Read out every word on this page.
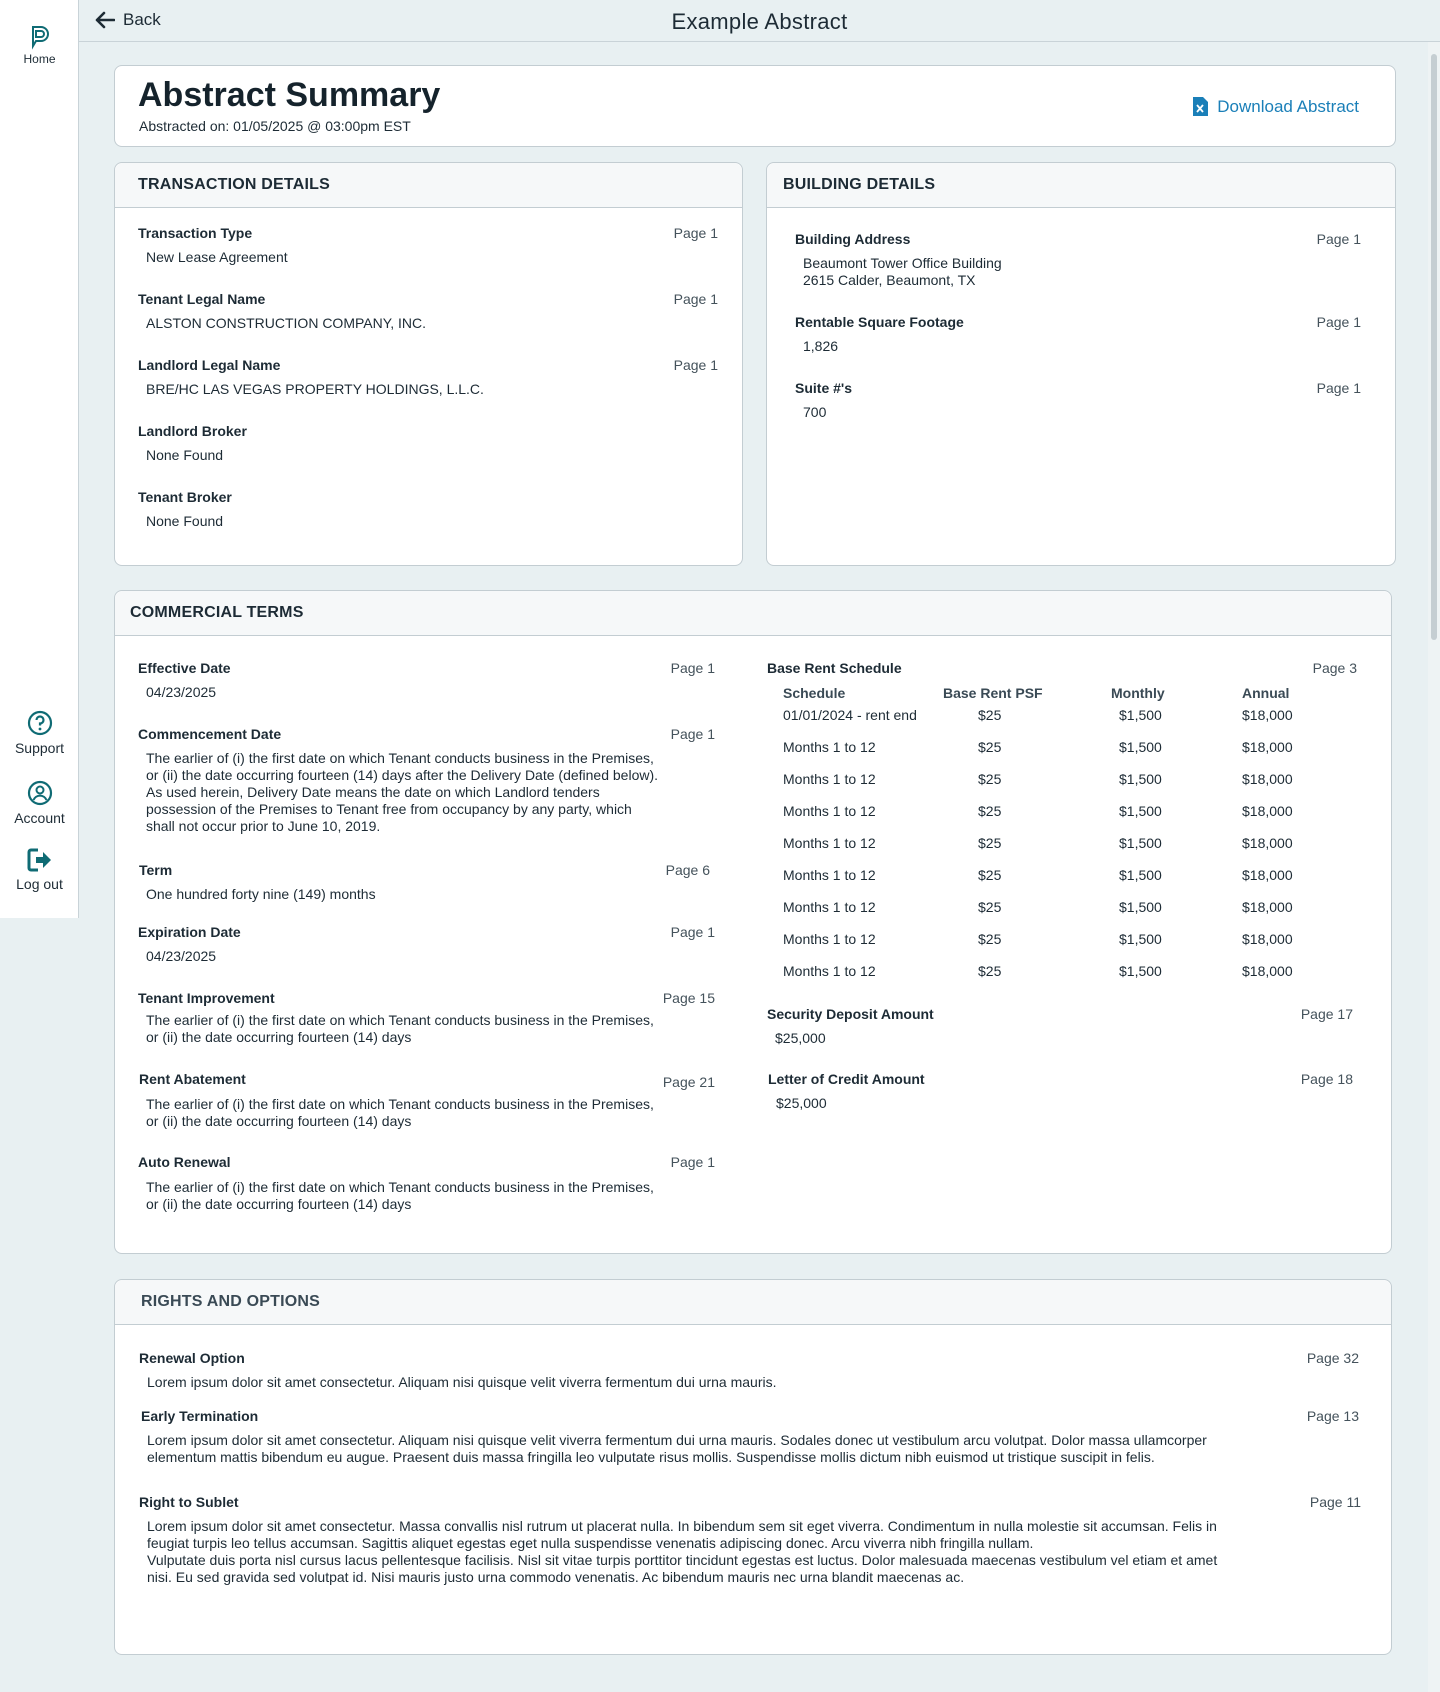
Home
Support
Account
Log out
Back	Example Abstract
Abstract Summary
Abstracted on: 01/05/2025 @ 03:00pm EST
Download Abstract
TRANSACTION DETAILS
Transaction Type	Page 1
New Lease Agreement
Tenant Legal Name	Page 1
ALSTON CONSTRUCTION COMPANY, INC.
Landlord Legal Name	Page 1
BRE/HC LAS VEGAS PROPERTY HOLDINGS, L.L.C.
Landlord Broker
None Found
Tenant Broker
None Found
BUILDING DETAILS
Building Address	Page 1
Beaumont Tower Office Building
2615 Calder, Beaumont, TX
Rentable Square Footage	Page 1
1,826
Suite #'s	Page 1
700
COMMERCIAL TERMS
Effective Date	Page 1
04/23/2025
Commencement Date	Page 1
The earlier of (i) the first date on which Tenant conducts business in the Premises,
or (ii) the date occurring fourteen (14) days after the Delivery Date (defined below).
As used herein, Delivery Date means the date on which Landlord tenders
possession of the Premises to Tenant free from occupancy by any party, which
shall not occur prior to June 10, 2019.
Term	Page 6
One hundred forty nine (149) months
Expiration Date	Page 1
04/23/2025
Tenant Improvement	Page 15
The earlier of (i) the first date on which Tenant conducts business in the Premises,
or (ii) the date occurring fourteen (14) days
Rent Abatement	Page 21
The earlier of (i) the first date on which Tenant conducts business in the Premises,
or (ii) the date occurring fourteen (14) days
Auto Renewal	Page 1
The earlier of (i) the first date on which Tenant conducts business in the Premises,
or (ii) the date occurring fourteen (14) days
Base Rent Schedule	Page 3
Schedule	Base Rent PSF	Monthly	Annual
01/01/2024 - rent end	$25	$1,500	$18,000
Months 1 to 12	$25	$1,500	$18,000
Months 1 to 12	$25	$1,500	$18,000
Months 1 to 12	$25	$1,500	$18,000
Months 1 to 12	$25	$1,500	$18,000
Months 1 to 12	$25	$1,500	$18,000
Months 1 to 12	$25	$1,500	$18,000
Months 1 to 12	$25	$1,500	$18,000
Months 1 to 12	$25	$1,500	$18,000
Security Deposit Amount	Page 17
$25,000
Letter of Credit Amount	Page 18
$25,000
RIGHTS AND OPTIONS
Renewal Option	Page 32
Lorem ipsum dolor sit amet consectetur. Aliquam nisi quisque velit viverra fermentum dui urna mauris.
Early Termination	Page 13
Lorem ipsum dolor sit amet consectetur. Aliquam nisi quisque velit viverra fermentum dui urna mauris. Sodales donec ut vestibulum arcu volutpat. Dolor massa ullamcorper
elementum mattis bibendum eu augue. Praesent duis massa fringilla leo vulputate risus mollis. Suspendisse mollis dictum nibh euismod ut tristique suscipit in felis.
Right to Sublet	Page 11
Lorem ipsum dolor sit amet consectetur. Massa convallis nisl rutrum ut placerat nulla. In bibendum sem sit eget viverra. Condimentum in nulla molestie sit accumsan. Felis in
feugiat turpis leo tellus accumsan. Sagittis aliquet egestas eget nulla suspendisse venenatis adipiscing donec. Arcu viverra nibh fringilla nullam.
Vulputate duis porta nisl cursus lacus pellentesque facilisis. Nisl sit vitae turpis porttitor tincidunt egestas est luctus. Dolor malesuada maecenas vestibulum vel etiam et amet
nisi. Eu sed gravida sed volutpat id. Nisi mauris justo urna commodo venenatis. Ac bibendum mauris nec urna blandit maecenas ac.
